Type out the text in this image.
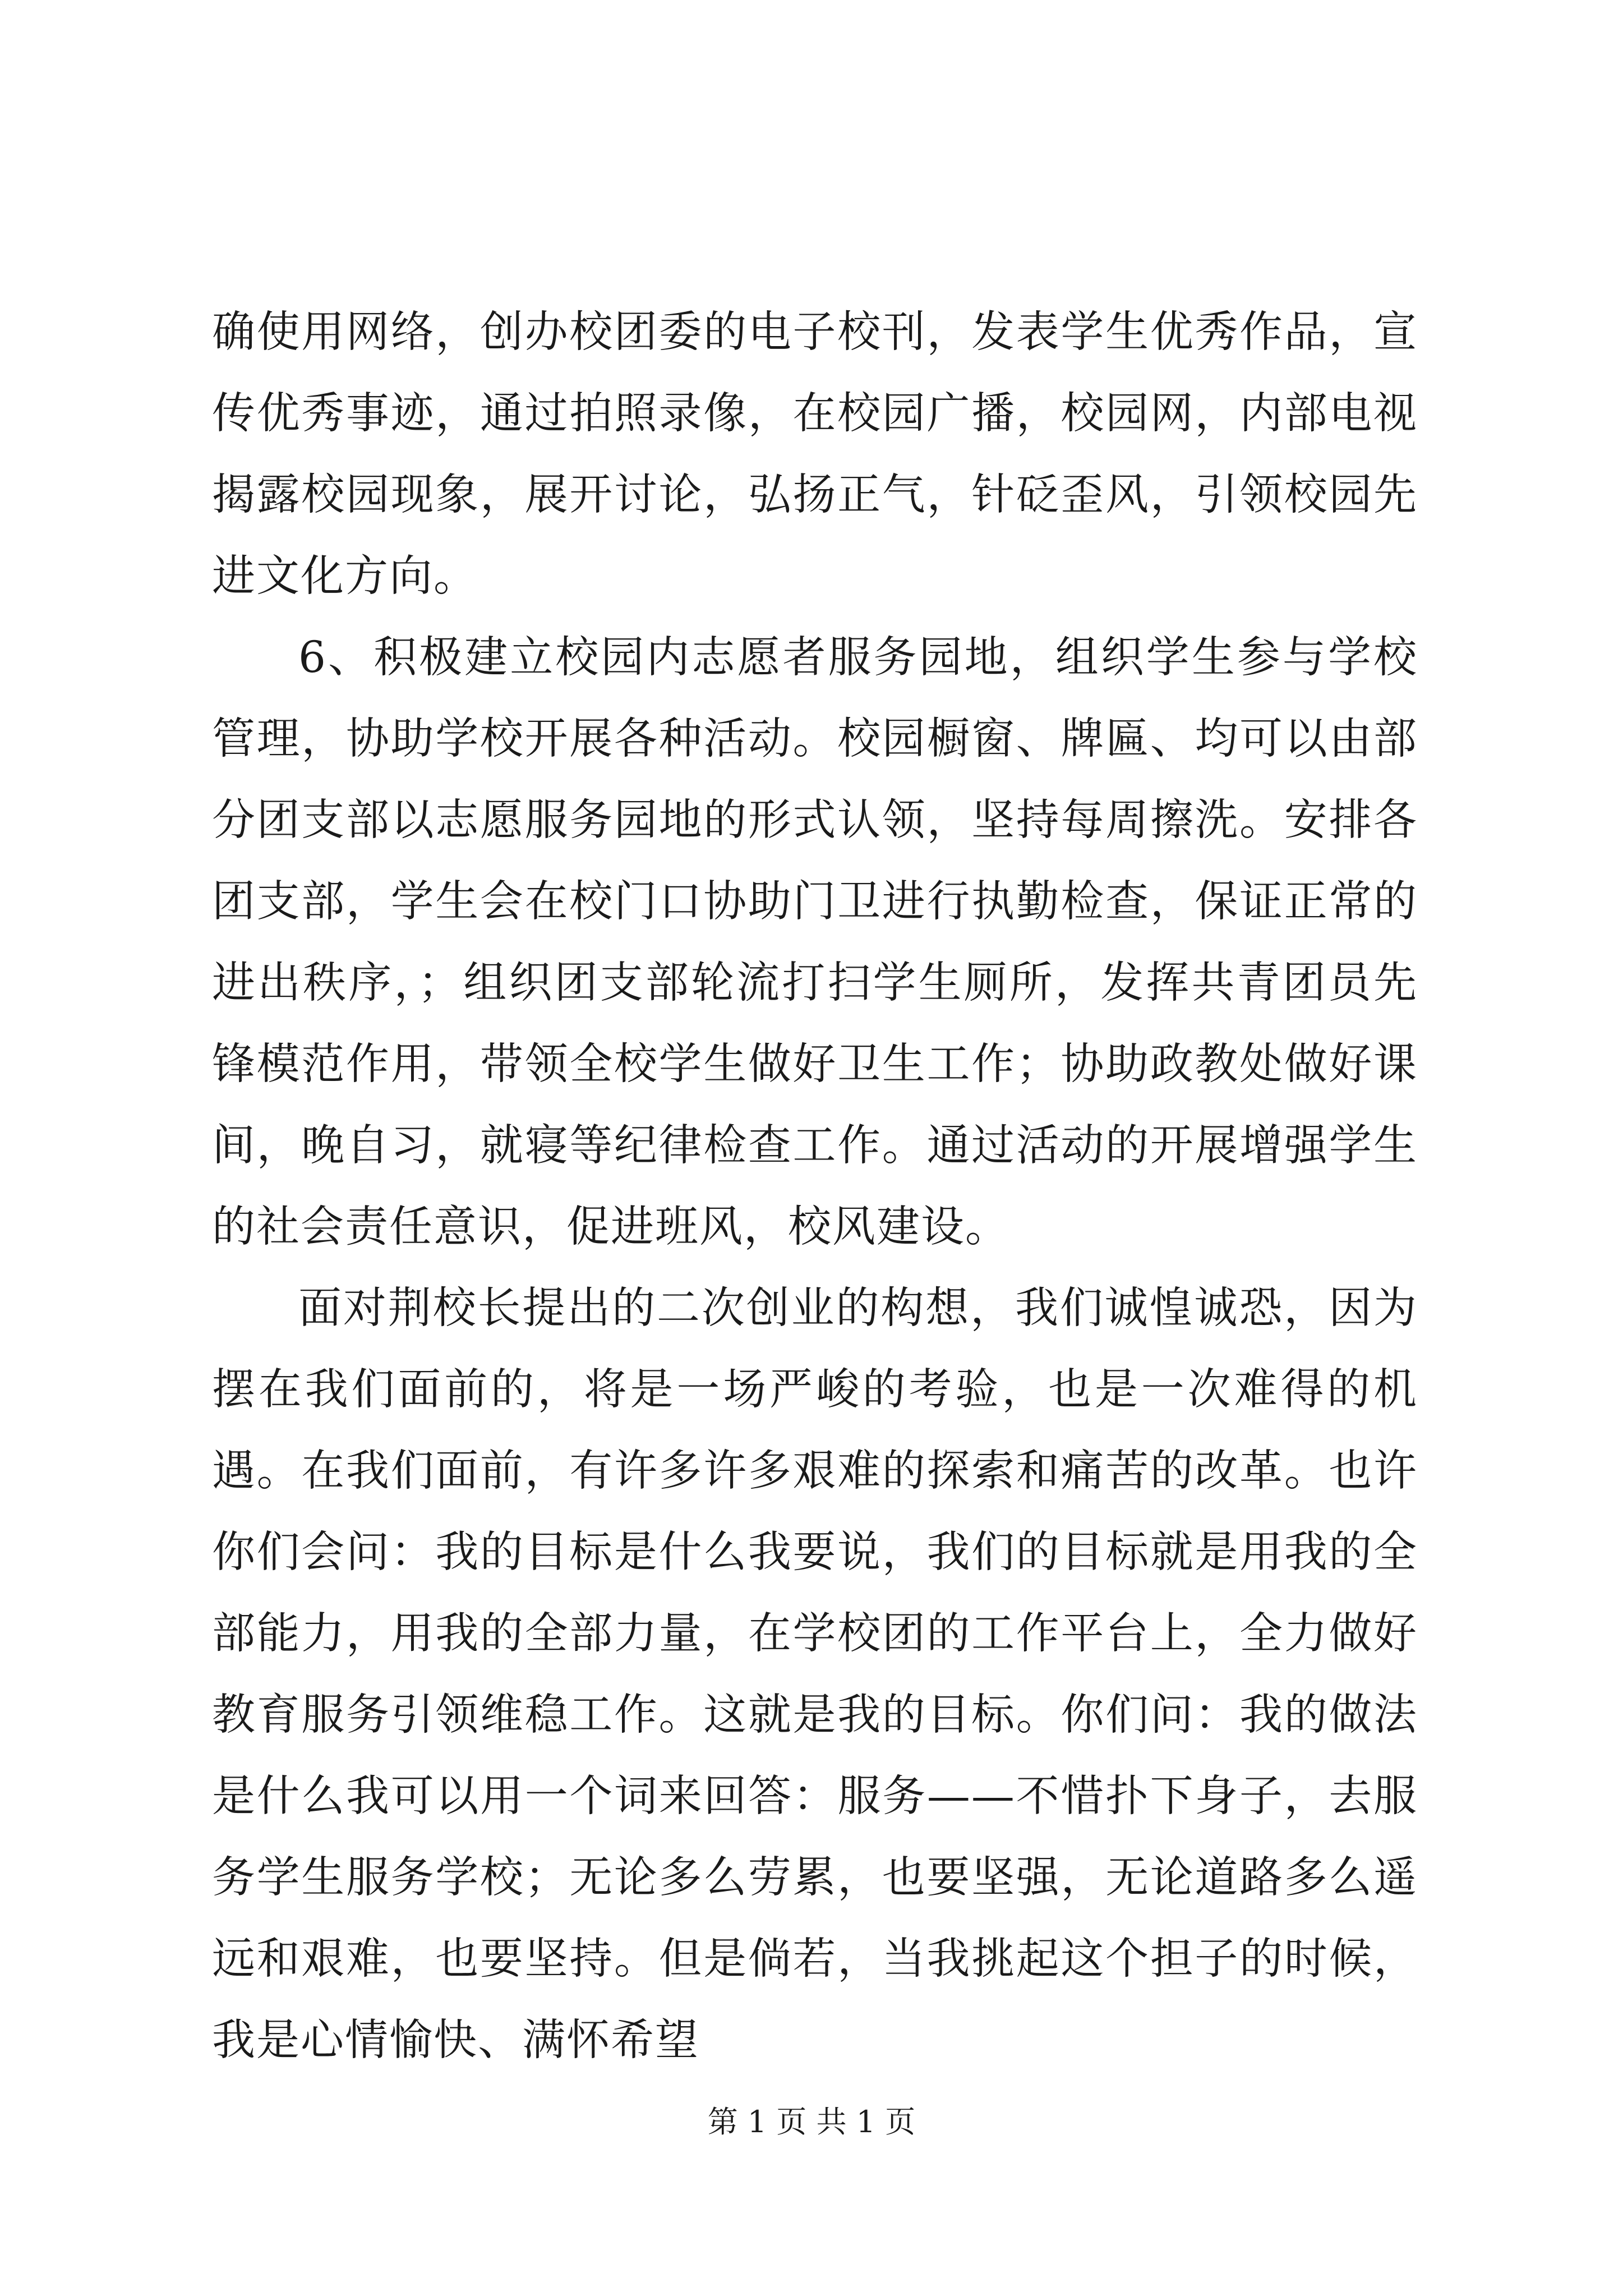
确使用网络，创办校团委的电子校刊，发表学生优秀作品，宣传优秀事迹，通过拍照录像，在校园广播，校园网，内部电视揭露校园现象，展开讨论，弘扬正气，针砭歪风，引领校园先进文化方向。

6、积极建立校园内志愿者服务园地，组织学生参与学校管理，协助学校开展各种活动。校园橱窗、牌匾、均可以由部分团支部以志愿服务园地的形式认领，坚持每周擦洗。安排各团支部，学生会在校门口协助门卫进行执勤检查，保证正常的进出秩序，；组织团支部轮流打扫学生厕所，发挥共青团员先锋模范作用，带领全校学生做好卫生工作；协助政教处做好课间，晚自习，就寝等纪律检查工作。通过活动的开展增强学生的社会责任意识，促进班风，校风建设。

面对荆校长提出的二次创业的构想，我们诚惶诚恐，因为摆在我们面前的，将是一场严峻的考验，也是一次难得的机遇。在我们面前，有许多许多艰难的探索和痛苦的改革。也许你们会问：我的目标是什么我要说，我们的目标就是用我的全部能力，用我的全部力量，在学校团的工作平台上，全力做好教育服务引领维稳工作。这就是我的目标。你们问：我的做法是什么我可以用一个词来回答：服务——不惜扑下身子，去服务学生服务学校；无论多么劳累，也要坚强，无论道路多么遥远和艰难，也要坚持。但是倘若，当我挑起这个担子的时候，我是心情愉快、满怀希望

第 1 页 共 1 页
